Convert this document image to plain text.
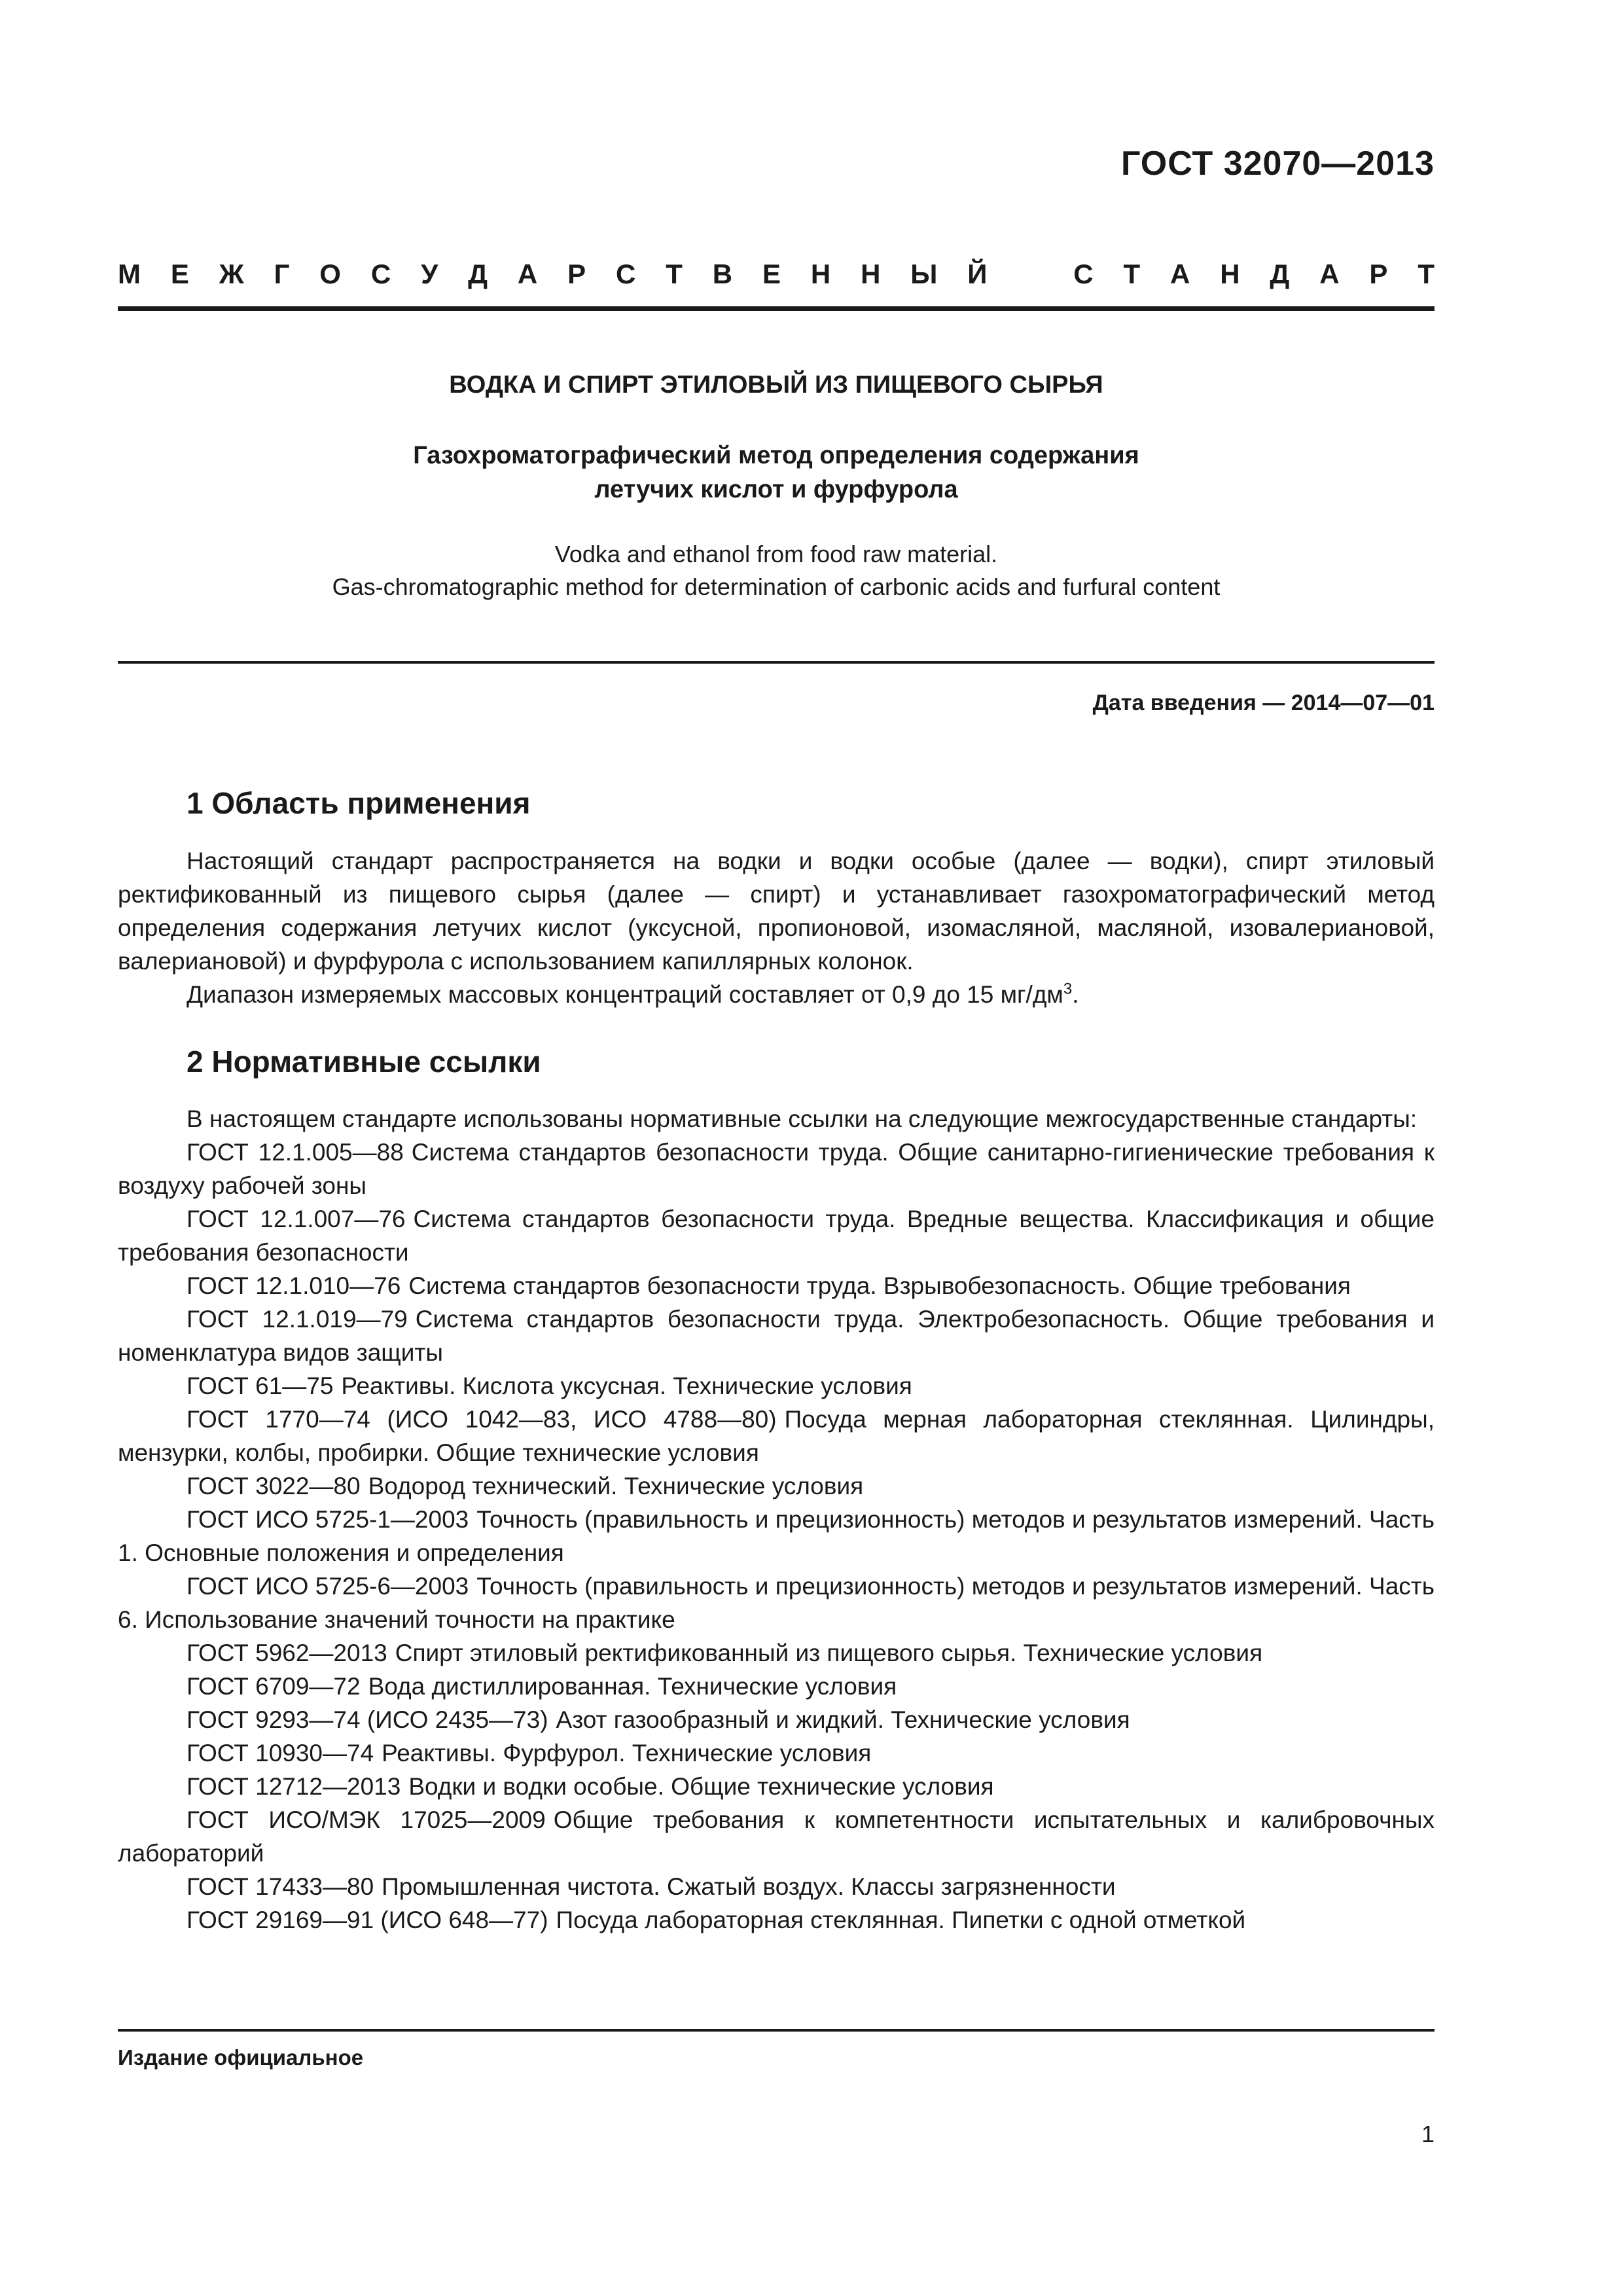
ГОСТ 32070—2013
М Е Ж Г О С У Д А Р С Т В Е Н Н Ы Й	С Т А Н Д А Р Т
ВОДКА И СПИРТ ЭТИЛОВЫЙ ИЗ ПИЩЕВОГО СЫРЬЯ
Газохроматографический метод определения содержания
летучих кислот и фурфурола
Vodka and ethanol from food raw material.
Gas-chromatographic method for determination of carbonic acids and furfural content
Дата введения — 2014—07—01
1 Область применения

Настоящий стандарт распространяется на водки и водки особые (далее — водки), спирт этиловый ректификованный из пищевого сырья (далее — спирт) и устанавливает газохроматографический метод определения содержания летучих кислот (уксусной, пропионовой, изомасляной, масляной, изовалериановой, валериановой) и фурфурола с использованием капиллярных колонок.

Диапазон измеряемых массовых концентраций составляет от 0,9 до 15 $мг/дм^3$.

2 Нормативные ссылки

В настоящем стандарте использованы нормативные ссылки на следующие межгосударственные стандарты:

ГОСТ 12.1.005—88 Система стандартов безопасности труда. Общие санитарно-гигиенические требования к воздуху рабочей зоны

ГОСТ 12.1.007—76 Система стандартов безопасности труда. Вредные вещества. Классификация и общие требования безопасности

ГОСТ 12.1.010—76 Система стандартов безопасности труда. Взрывобезопасность. Общие требования

ГОСТ 12.1.019—79 Система стандартов безопасности труда. Электробезопасность. Общие требования и номенклатура видов защиты

ГОСТ 61—75 Реактивы. Кислота уксусная. Технические условия

ГОСТ 1770—74 (ИСО 1042—83, ИСО 4788—80) Посуда мерная лабораторная стеклянная. Цилиндры, мензурки, колбы, пробирки. Общие технические условия

ГОСТ 3022—80 Водород технический. Технические условия

ГОСТ ИСО 5725-1—2003 Точность (правильность и прецизионность) методов и результатов измерений. Часть 1. Основные положения и определения

ГОСТ ИСО 5725-6—2003 Точность (правильность и прецизионность) методов и результатов измерений. Часть 6. Использование значений точности на практике

ГОСТ 5962—2013 Спирт этиловый ректификованный из пищевого сырья. Технические условия

ГОСТ 6709—72 Вода дистиллированная. Технические условия

ГОСТ 9293—74 (ИСО 2435—73) Азот газообразный и жидкий. Технические условия

ГОСТ 10930—74 Реактивы. Фурфурол. Технические условия

ГОСТ 12712—2013 Водки и водки особые. Общие технические условия

ГОСТ ИСО/МЭК 17025—2009 Общие требования к компетентности испытательных и калибровочных лабораторий

ГОСТ 17433—80 Промышленная чистота. Сжатый воздух. Классы загрязненности

ГОСТ 29169—91 (ИСО 648—77) Посуда лабораторная стеклянная. Пипетки с одной отметкой

Издание официальное
1
